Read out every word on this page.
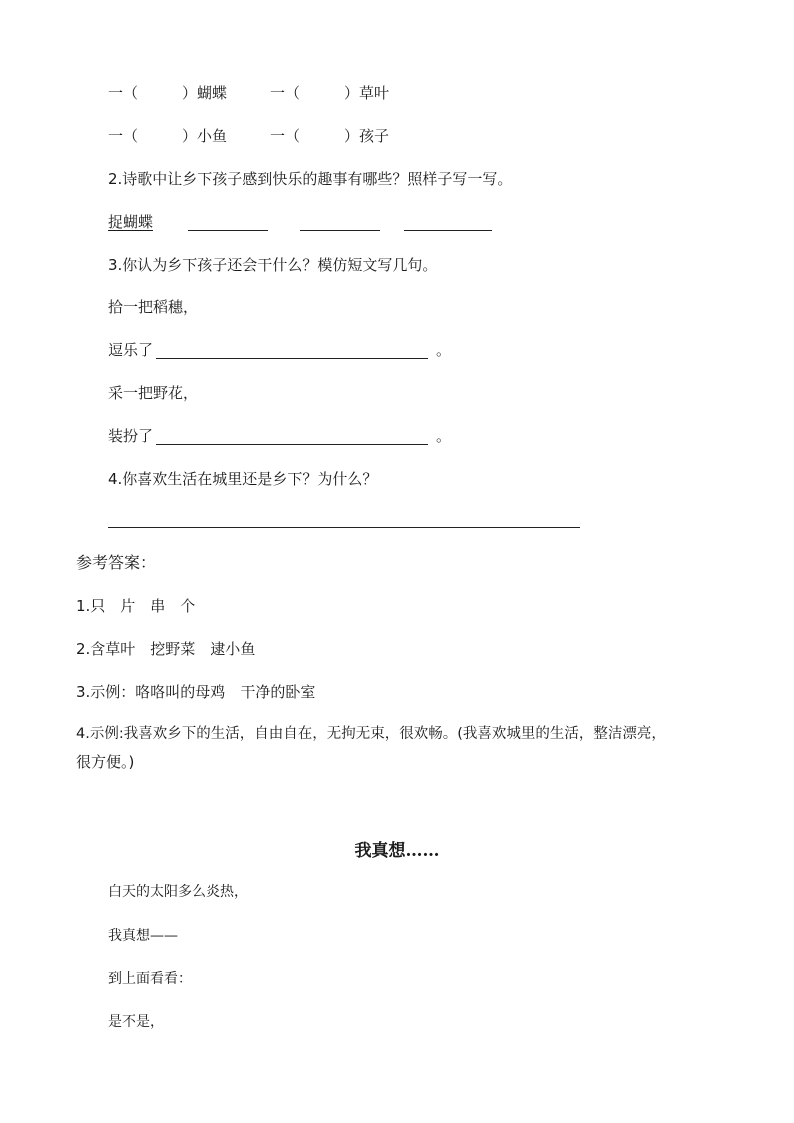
一（	）蝴蝶	一（	）草叶
一（	）小鱼	一（	）孩子
2.诗歌中让乡下孩子感到快乐的趣事有哪些？照样子写一写。
捉蝴蝶
3.你认为乡下孩子还会干什么？模仿短文写几句。
拾一把稻穗，
逗乐了	。
采一把野花，
装扮了	。
4.你喜欢生活在城里还是乡下？为什么？
参考答案：
1.只　片　串　个
2.含草叶　挖野菜　逮小鱼
3.示例：咯咯叫的母鸡　干净的卧室
4.示例:我喜欢乡下的生活，自由自在，无拘无束，很欢畅。(我喜欢城里的生活，整洁漂亮，
很方便。)
我真想……
白天的太阳多么炎热，
我真想——
到上面看看：
是不是，
